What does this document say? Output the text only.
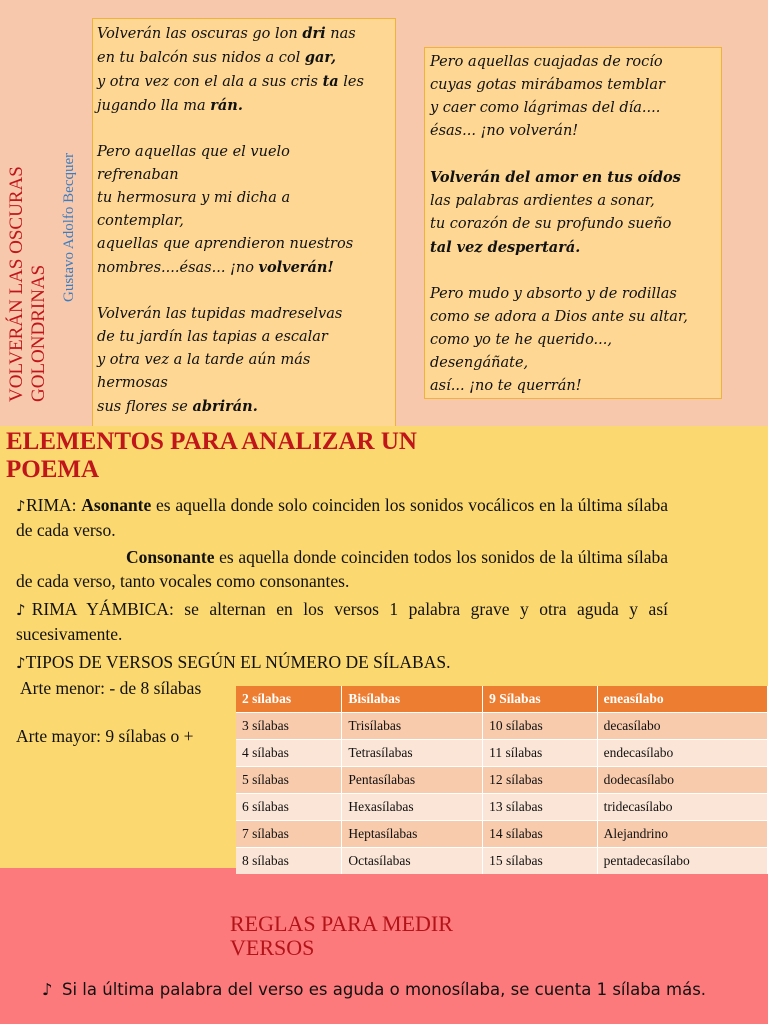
VOLVERÁN LAS OSCURAS GOLONDRINAS
Gustavo Adolfo Becquer

Volverán las oscuras go lon dri nas
en tu balcón sus nidos a col gar,
y otra vez con el ala a sus cris ta les
jugando lla ma rán.

Pero aquellas que el vuelo
refrenaban
tu hermosura y mi dicha a
contemplar,
aquellas que aprendieron nuestros
nombres....ésas... ¡no volverán!

Volverán las tupidas madreselvas
de tu jardín las tapias a escalar
y otra vez a la tarde aún más
hermosas
sus flores se abrirán.

Pero aquellas cuajadas de rocío
cuyas gotas mirábamos temblar
y caer como lágrimas del día....
ésas... ¡no volverán!

Volverán del amor en tus oídos
las palabras ardientes a sonar,
tu corazón de su profundo sueño
tal vez despertará.

Pero mudo y absorto y de rodillas
como se adora a Dios ante su altar,
como yo te he querido...,
desengáñate,
así... ¡no te querrán!

ELEMENTOS PARA ANALIZAR UN POEMA
♪RIMA: Asonante es aquella donde solo coinciden los sonidos vocálicos en la última sílaba de cada verso.
Consonante es aquella donde coinciden todos los sonidos de la última sílaba de cada verso, tanto vocales como consonantes.
♪RIMA YÁMBICA: se alternan en los versos 1 palabra grave y otra aguda y así sucesivamente.
♪TIPOS DE VERSOS SEGÚN EL NÚMERO DE SÍLABAS.
Arte menor: - de 8 sílabas
Arte mayor: 9 sílabas o +
2 sílabas	Bisílabas	9 Sílabas	eneasílabo
3 sílabas	Trisílabas	10 sílabas	decasílabo
4 sílabas	Tetrasílabas	11 sílabas	endecasílabo
5 sílabas	Pentasílabas	12 sílabas	dodecasílabo
6 sílabas	Hexasílabas	13 sílabas	tridecasílabo
7 sílabas	Heptasílabas	14 sílabas	Alejandrino
8 sílabas	Octasílabas	15 sílabas	pentadecasílabo
REGLAS PARA MEDIR VERSOS
♪ Si la última palabra del verso es aguda o monosílaba, se cuenta 1 sílaba más.
